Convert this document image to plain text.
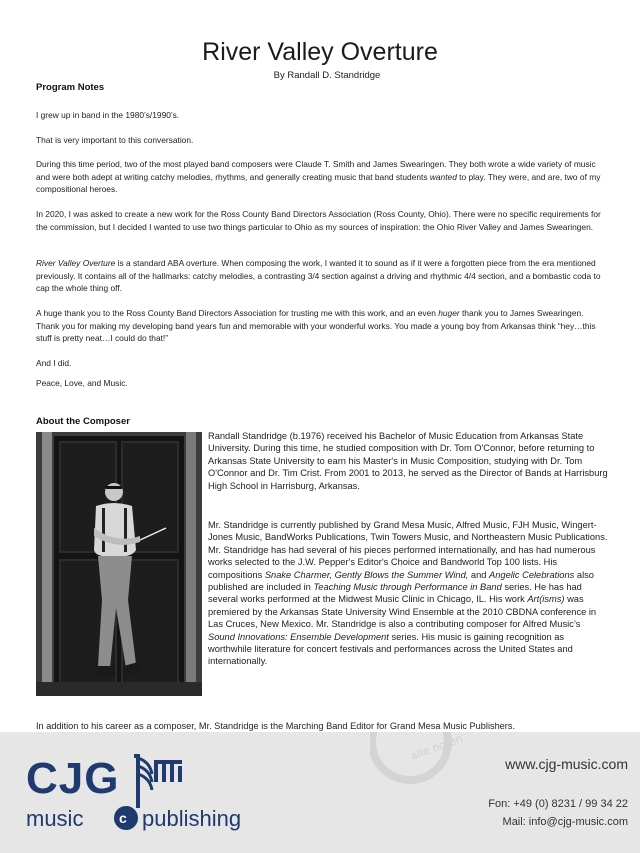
River Valley Overture
By Randall D. Standridge
Program Notes

I grew up in band in the 1980’s/1990’s.

That is very important to this conversation.

During this time period, two of the most played band composers were Claude T. Smith and James Swearingen. They both wrote a wide variety of music and were both adept at writing catchy melodies, rhythms, and generally creating music that band students wanted to play. They were, and are, two of my compositional heroes.

In 2020, I was asked to create a new work for the Ross County Band Directors Association (Ross County, Ohio). There were no specific requirements for the commission, but I decided I wanted to use two things particular to Ohio as my sources of inspiration: the Ohio River Valley and James Swearingen.

River Valley Overture is a standard ABA overture. When composing the work, I wanted it to sound as if it were a forgotten piece from the era mentioned previously. It contains all of the hallmarks: catchy melodies, a contrasting 3/4 section against a driving and rhythmic 4/4 section, and a bombastic coda to cap the whole thing off.

A huge thank you to the Ross County Band Directors Association for trusting me with this work, and an even huger thank you to James Swearingen. Thank you for making my developing band years fun and memorable with your wonderful works. You made a young boy from Arkansas think “hey…this stuff is pretty neat…I could do that!”

And I did.

Peace, Love, and Music.

About the Composer

Randall Standridge (b.1976) received his Bachelor of Music Education from Arkansas State University. During this time, he studied composition with Dr. Tom O'Connor, before returning to Arkansas State University to earn his Master's in Music Composition, studying with Dr. Tom O'Connor and Dr. Tim Crist. From 2001 to 2013, he served as the Director of Bands at Harrisburg High School in Harrisburg, Arkansas.

Mr. Standridge is currently published by Grand Mesa Music, Alfred Music, FJH Music, Wingert-Jones Music, BandWorks Publications, Twin Towers Music, and Northeastern Music Publications. Mr. Standridge has had several of his pieces performed internationally, and has had numerous works selected to the J.W. Pepper's Editor's Choice and Bandworld Top 100 lists. His compositions Snake Charmer, Gently Blows the Summer Wind, and Angelic Celebrations also published are included in Teaching Music through Performance in Band series. He has had several works performed at the Midwest Music Clinic in Chicago, IL. His work Art(isms) was premiered by the Arkansas State University Wind Ensemble at the 2010 CBDNA conference in Las Cruces, New Mexico. Mr. Standridge is also a contributing composer for Alfred Music’s Sound Innovations: Ensemble Development series. His music is gaining recognition as worthwhile literature for concert festivals and performances across the United States and internationally.

In addition to his career as a composer, Mr. Standridge is the Marching Band Editor for Grand Mesa Music Publishers.

alle noten
c
CJG
music	publishing
www.cjg-music.com
Fon: +49 (0) 8231 / 99 34 22
Mail: info@cjg-music.com
